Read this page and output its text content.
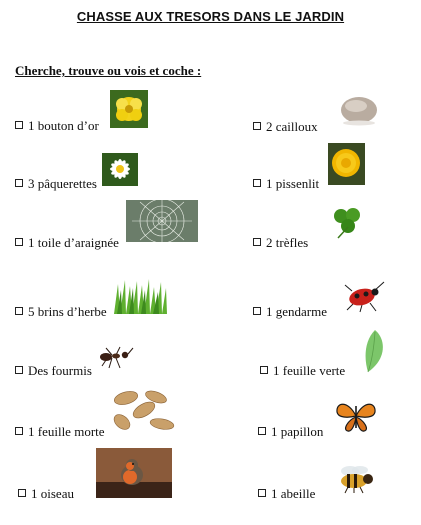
CHASSE AUX TRESORS DANS LE JARDIN
Cherche, trouve ou vois et coche :
1 bouton d’or
3 pâquerettes
1 toile d’araignée
5 brins d’herbe
Des fourmis
1 feuille morte
1 oiseau
2 cailloux
1 pissenlit
2 trèfles
1 gendarme
1 feuille verte
1 papillon
1 abeille
